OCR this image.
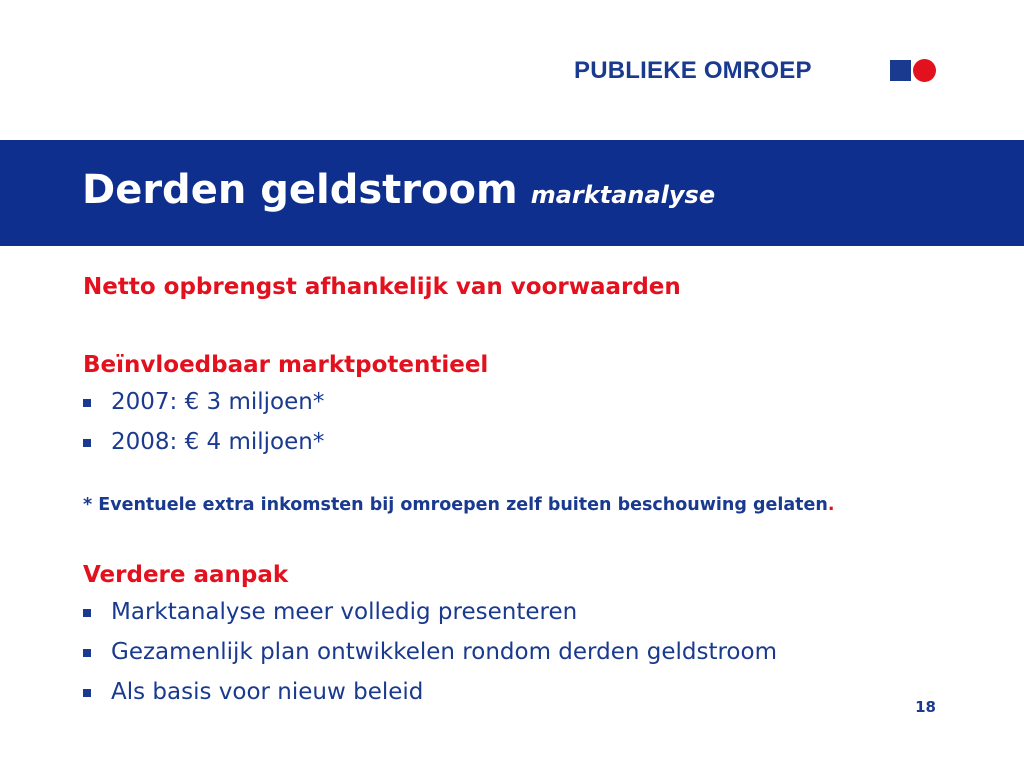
PUBLIEKE OMROEP
Derden geldstroom marktanalyse
Netto opbrengst afhankelijk van voorwaarden
Beïnvloedbaar marktpotentieel
2007: € 3 miljoen*
2008: € 4 miljoen*
* Eventuele extra inkomsten bij omroepen zelf buiten beschouwing gelaten.
Verdere aanpak
Marktanalyse meer volledig presenteren
Gezamenlijk plan ontwikkelen rondom derden geldstroom
Als basis voor nieuw beleid
18
